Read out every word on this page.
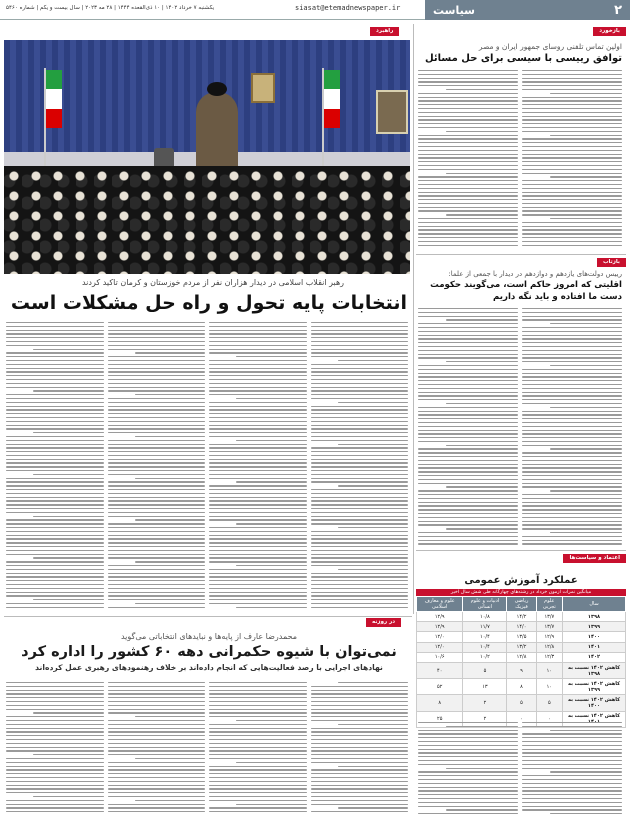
۲
سیاست
siasat@etemadnewspaper.ir
یکشنبه ۷ خرداد ۱۴۰۲ | ۱۰ ذی‌القعده ۱۴۴۴ | ۲۸ مه ۲۰۲۳ | سال بیست و یکم | شماره ۵۴۶۰
بازخورد
راهبرد
بازتاب
اعتماد و سیاست‌ها
در روزنه
رهبر انقلاب اسلامی در دیدار هزاران نفر از مردم خوزستان و کرمان تاکید کردند
انتخابات پایه تحول و راه حل مشکلات است
اولین تماس تلفنی روسای جمهور ایران و مصر
توافق رییسی با سیسی برای حل مسائل
رییس دولت‌های یازدهم و دوازدهم در دیدار با جمعی از علما:
اقلیتی که امروز حاکم است، می‌گویند حکومت دست ما افتاده و باید نگه داریم
عملکرد آموزش عمومی
میانگین نمرات آزمون خرداد در رشته‌های چهارگانه طی شش سال اخیر
سال	علوم تجربی	ریاضی فیزیک	ادبیات و علوم انسانی	علوم و معارف اسلامی
۱۳۹۸	۱۳/۷	۱۴/۲	۱۰/۸	۱۲/۹
۱۳۹۹	۱۳/۷	۱۴/۰	۱۱/۷	۱۲/۹
۱۴۰۰	۱۲/۹	۱۳/۵	۱۰/۴	۱۲/۰
۱۴۰۱	۱۲/۸	۱۳/۲	۱۰/۴	۱۲/۰
۱۴۰۲	۱۲/۳	۱۲/۸	۱۰/۲	۱۰/۶
کاهش ۱۴۰۲ نسبت به ۱۳۹۸	۱۰	۹	۵	۴۰
کاهش ۱۴۰۲ نسبت به ۱۳۹۹	۱۰	۸	۱۳	۵۲
کاهش ۱۴۰۲ نسبت به ۱۴۰۰	۵	۵	۲	۸
کاهش ۱۴۰۲ نسبت به	۰	۰	۲	۲۵
محمدرضا عارف از پایه‌ها و نبایدهای انتخاباتی می‌گوید
نمی‌توان با شیوه حکمرانی دهه ۶۰ کشور را اداره کرد
نهادهای اجرایی با رصد فعالیت‌هایی که انجام داده‌اند بر خلاف رهنمودهای رهبری عمل کرده‌اند
